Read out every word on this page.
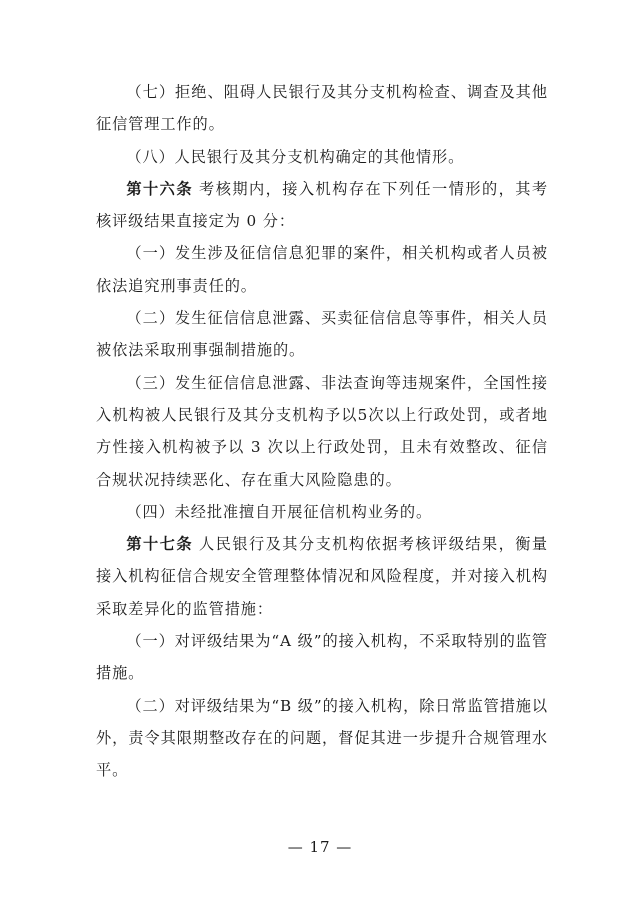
（七）拒绝、阻碍人民银行及其分支机构检查、调查及其他征信管理工作的。

（八）人民银行及其分支机构确定的其他情形。

第十六条 考核期内，接入机构存在下列任一情形的，其考核评级结果直接定为 0 分：

（一）发生涉及征信信息犯罪的案件，相关机构或者人员被依法追究刑事责任的。

（二）发生征信信息泄露、买卖征信信息等事件，相关人员被依法采取刑事强制措施的。

（三）发生征信信息泄露、非法查询等违规案件，全国性接入机构被人民银行及其分支机构予以5次以上行政处罚，或者地方性接入机构被予以 3 次以上行政处罚，且未有效整改、征信合规状况持续恶化、存在重大风险隐患的。

（四）未经批准擅自开展征信机构业务的。

第十七条 人民银行及其分支机构依据考核评级结果，衡量接入机构征信合规安全管理整体情况和风险程度，并对接入机构采取差异化的监管措施：

（一）对评级结果为“A 级”的接入机构，不采取特别的监管措施。

（二）对评级结果为“B 级”的接入机构，除日常监管措施以外，责令其限期整改存在的问题，督促其进一步提升合规管理水平。

— 17 —
